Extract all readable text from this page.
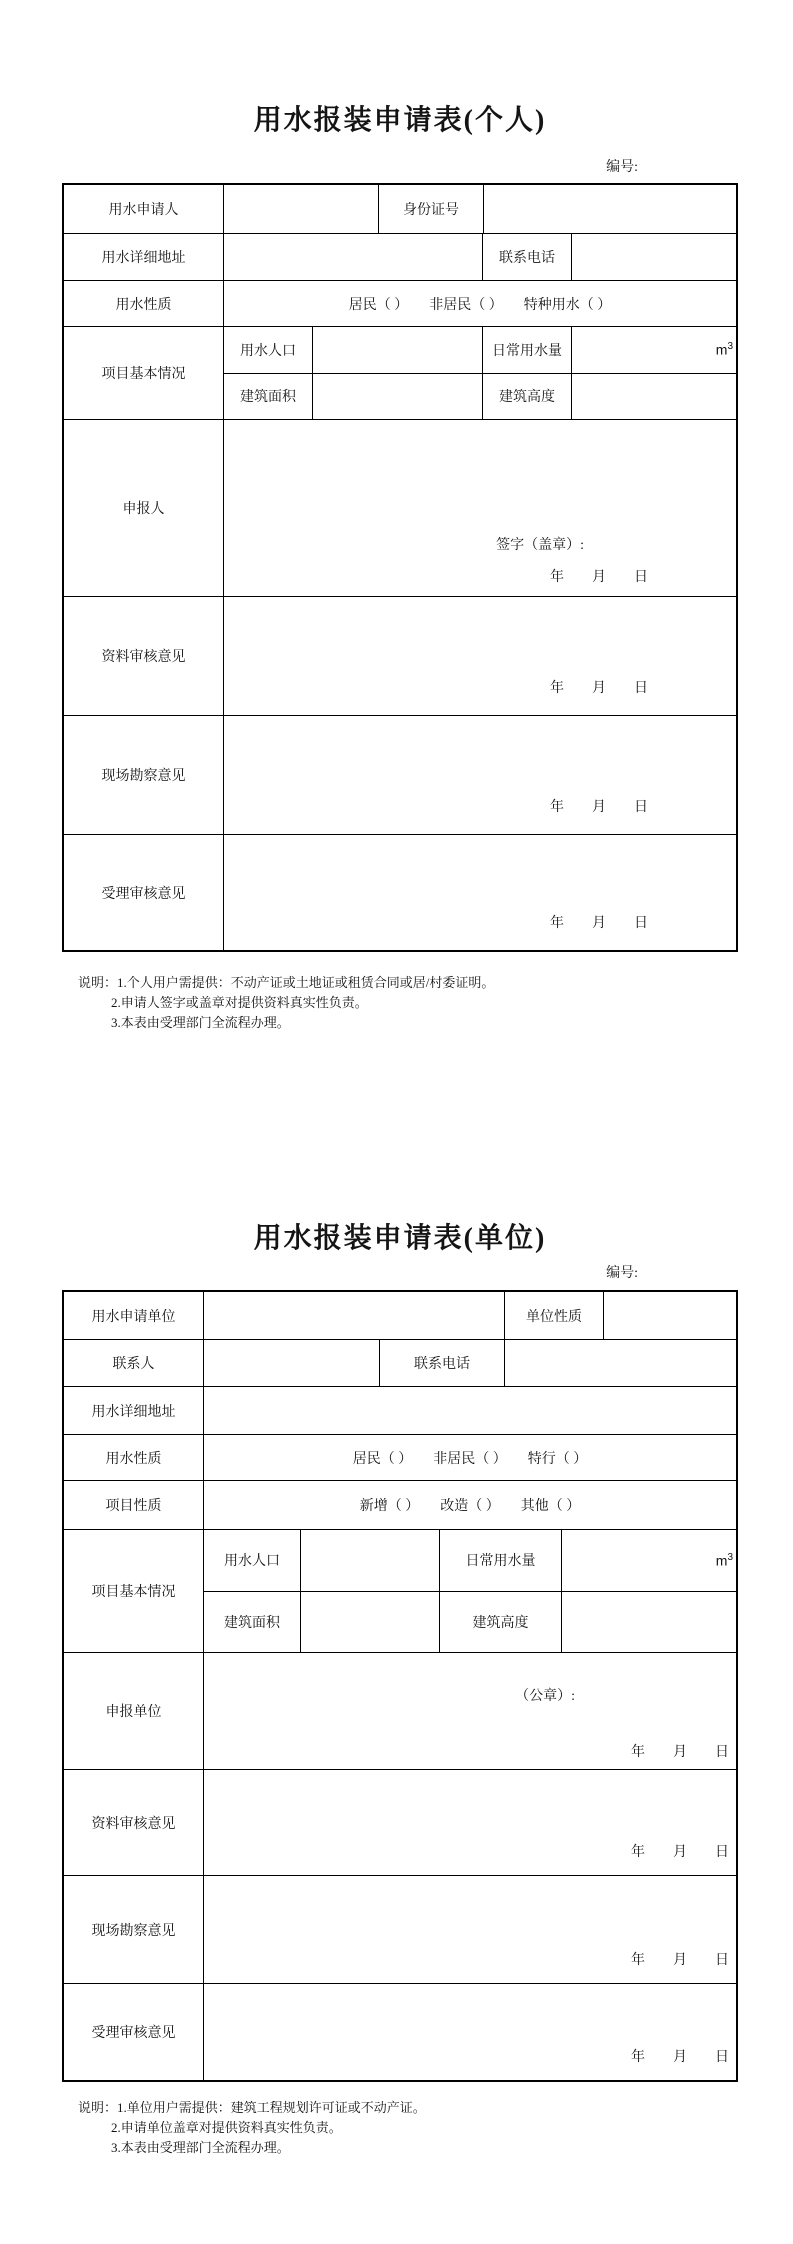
用水报装申请表(个人)
编号:
用水申请人	身份证号
用水详细地址	联系电话
用水性质	居民（ ）　　非居民（ ）　　特种用水（ ）
项目基本情况
用水人口	日常用水量	$m^3$
建筑面积	建筑高度
申报人
签字（盖章）:
年　　月　　日
资料审核意见
年　　月　　日
现场勘察意见
年　　月　　日
受理审核意见
年　　月　　日
说明：1.个人用户需提供：不动产证或土地证或租赁合同或居/村委证明。
2.申请人签字或盖章对提供资料真实性负责。
3.本表由受理部门全流程办理。
用水报装申请表(单位)
编号:
用水申请单位	单位性质
联系人	联系电话
用水详细地址
用水性质	居民（ ）　　非居民（ ）　　特行（ ）
项目性质	新增（ ）　　改造（ ）　　其他（ ）
项目基本情况
用水人口	日常用水量	$m^3$
建筑面积	建筑高度
申报单位
（公章）:
年　　月　　日
资料审核意见
年　　月　　日
现场勘察意见
年　　月　　日
受理审核意见
年　　月　　日
说明：1.单位用户需提供：建筑工程规划许可证或不动产证。
2.申请单位盖章对提供资料真实性负责。
3.本表由受理部门全流程办理。
